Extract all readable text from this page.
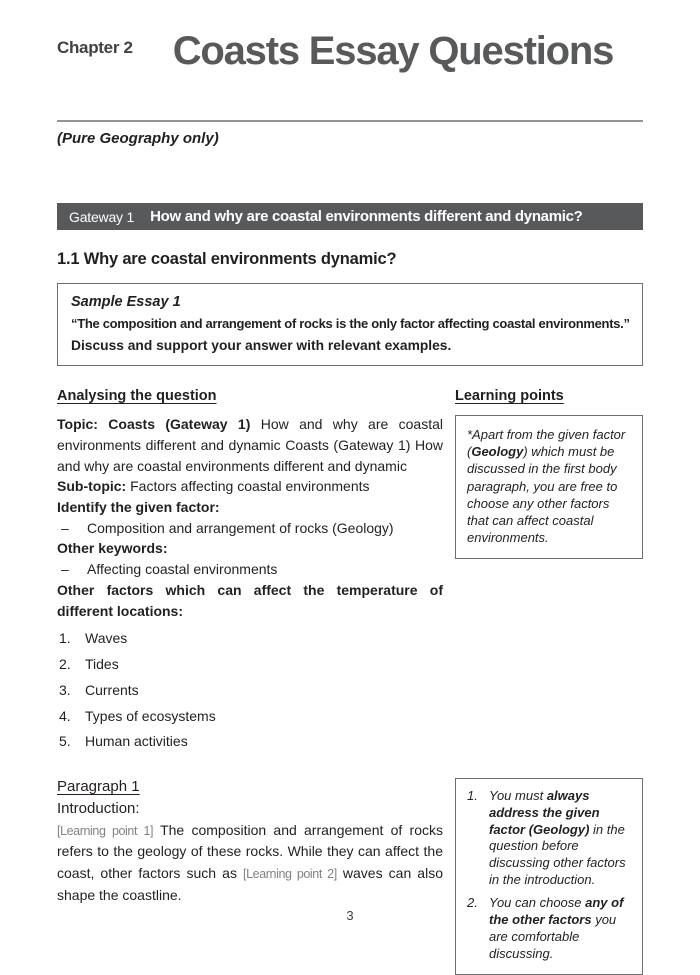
Chapter 2 Coasts Essay Questions
(Pure Geography only)
Gateway 1 How and why are coastal environments different and dynamic?
1.1 Why are coastal environments dynamic?
Sample Essay 1
“The composition and arrangement of rocks is the only factor affecting coastal environments.”
Discuss and support your answer with relevant examples.
Analysing the question
Topic: Coasts (Gateway 1) How and why are coastal environments different and dynamic Coasts (Gateway 1) How and why are coastal environments different and dynamic
Sub-topic: Factors affecting coastal environments
Identify the given factor:
– Composition and arrangement of rocks (Geology)
Other keywords:
– Affecting coastal environments
Other factors which can affect the temperature of different locations:
Waves
Tides
Currents
Types of ecosystems
Human activities
Learning points
*Apart from the given factor (Geology) which must be discussed in the first body paragraph, you are free to choose any other factors that can affect coastal environments.
Paragraph 1
Introduction:
[Learning point 1] The composition and arrangement of rocks refers to the geology of these rocks. While they can affect the coast, other factors such as [Learning point 2] waves can also shape the coastline.
You must always address the given factor (Geology) in the question before discussing other factors in the introduction.
You can choose any of the other factors you are comfortable discussing.
3
